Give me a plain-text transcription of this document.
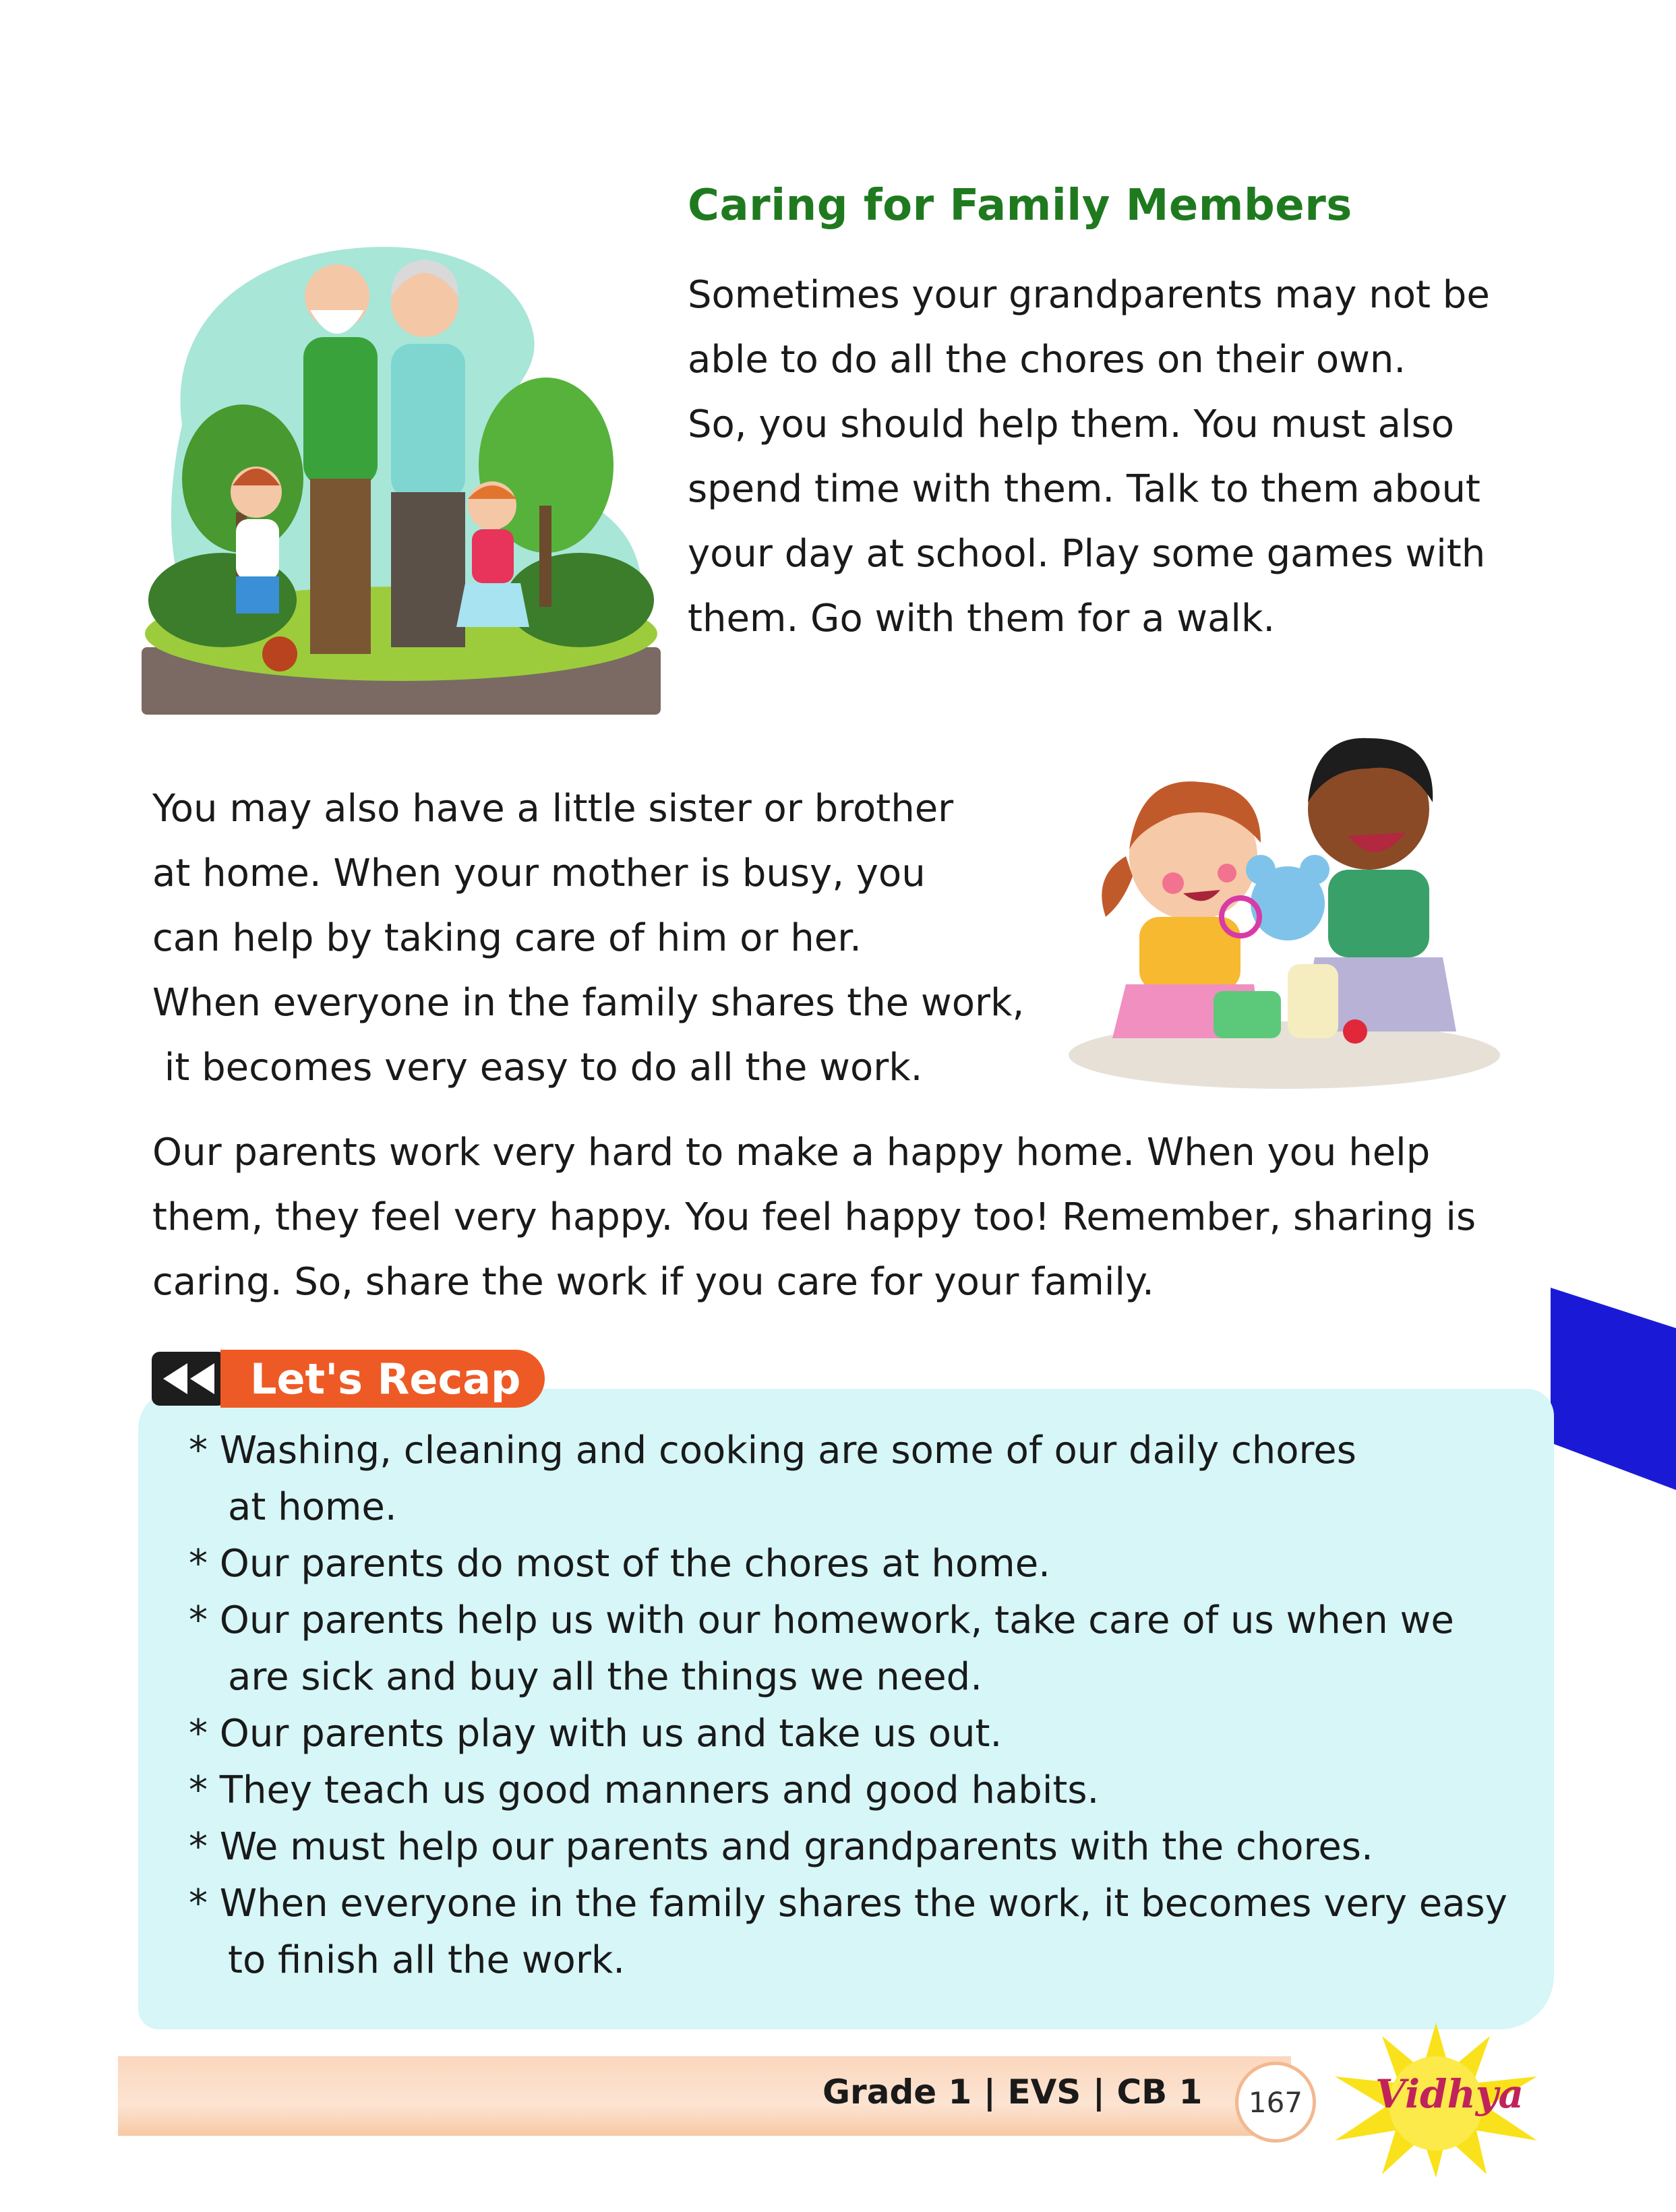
Caring for Family Members

Sometimes your grandparents may not be

able to do all the chores on their own.

So, you should help them. You must also

spend time with them. Talk to them about

your day at school. Play some games with

them. Go with them for a walk.

You may also have a little sister or brother

at home. When your mother is busy, you

can help by taking care of him or her.

When everyone in the family shares the work,

it becomes very easy to do all the work.

Our parents work very hard to make a happy home. When you help

them, they feel very happy. You feel happy too! Remember, sharing is

caring. So, share the work if you care for your family.

Let's Recap
* Washing, cleaning and cooking are some of our daily chores
at home.
* Our parents do most of the chores at home.
* Our parents help us with our homework, take care of us when we
are sick and buy all the things we need.
* Our parents play with us and take us out.
* They teach us good manners and good habits.
* We must help our parents and grandparents with the chores.
* When everyone in the family shares the work, it becomes very easy
to finish all the work.
Grade 1 | EVS | CB 1	167	Vidhya
